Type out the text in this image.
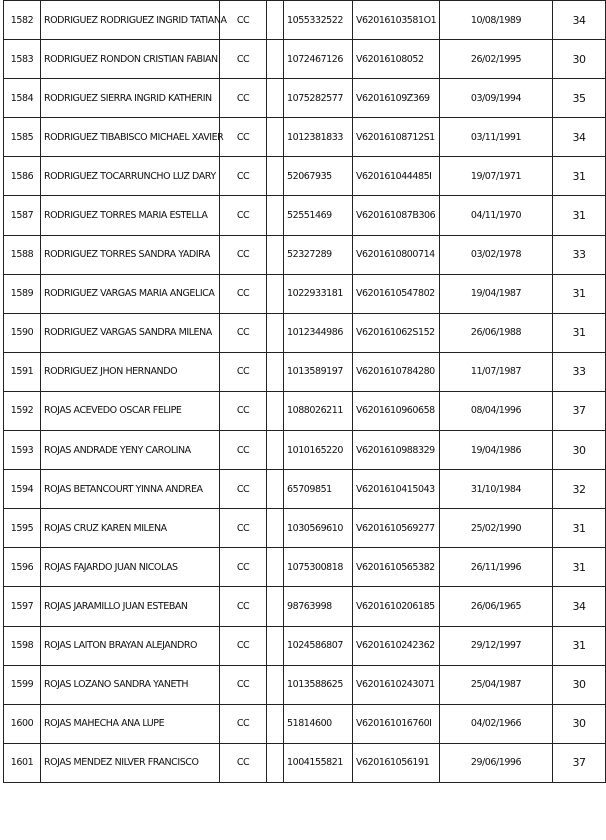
1582	RODRIGUEZ RODRIGUEZ INGRID TATIANA	CC		1055332522	V62016103581O1	10/08/1989	34
1583	RODRIGUEZ RONDON CRISTIAN FABIAN	CC		1072467126	V62016108052	26/02/1995	30
1584	RODRIGUEZ SIERRA INGRID KATHERIN	CC		1075282577	V62016109Z369	03/09/1994	35
1585	RODRIGUEZ TIBABISCO MICHAEL XAVIER	CC		1012381833	V62016108712S1	03/11/1991	34
1586	RODRIGUEZ TOCARRUNCHO LUZ DARY	CC		52067935	V620161044485I	19/07/1971	31
1587	RODRIGUEZ TORRES MARIA ESTELLA	CC		52551469	V620161087B306	04/11/1970	31
1588	RODRIGUEZ TORRES SANDRA YADIRA	CC		52327289	V6201610800714	03/02/1978	33
1589	RODRIGUEZ VARGAS MARIA ANGELICA	CC		1022933181	V6201610547802	19/04/1987	31
1590	RODRIGUEZ VARGAS SANDRA MILENA	CC		1012344986	V620161062S152	26/06/1988	31
1591	RODRIGUEZ JHON HERNANDO	CC		1013589197	V6201610784280	11/07/1987	33
1592	ROJAS ACEVEDO OSCAR FELIPE	CC		1088026211	V6201610960658	08/04/1996	37
1593	ROJAS ANDRADE YENY CAROLINA	CC		1010165220	V6201610988329	19/04/1986	30
1594	ROJAS BETANCOURT YINNA ANDREA	CC		65709851	V6201610415043	31/10/1984	32
1595	ROJAS CRUZ KAREN MILENA	CC		1030569610	V6201610569277	25/02/1990	31
1596	ROJAS FAJARDO JUAN NICOLAS	CC		1075300818	V6201610565382	26/11/1996	31
1597	ROJAS JARAMILLO JUAN ESTEBAN	CC		98763998	V6201610206185	26/06/1965	34
1598	ROJAS LAITON BRAYAN ALEJANDRO	CC		1024586807	V6201610242362	29/12/1997	31
1599	ROJAS LOZANO SANDRA YANETH	CC		1013588625	V6201610243071	25/04/1987	30
1600	ROJAS MAHECHA ANA LUPE	CC		51814600	V620161016760I	04/02/1966	30
1601	ROJAS MENDEZ NILVER FRANCISCO	CC		1004155821	V620161056191	29/06/1996	37
